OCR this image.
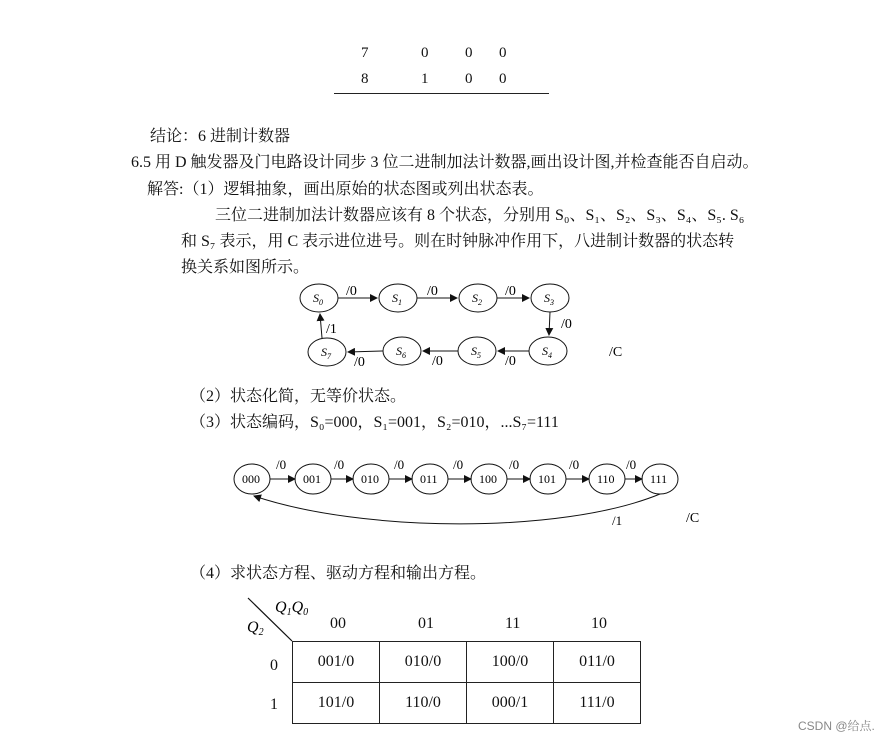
7	0 0 0
8	1 0 0
结论：6 进制计数器
6.5 用 D 触发器及门电路设计同步 3 位二进制加法计数器,画出设计图,并检查能否自启动。
解答:（1）逻辑抽象，画出原始的状态图或列出状态表。
三位二进制加法计数器应该有 8 个状态，分别用 S₀、S₁、S₂、S₃、S₄、S₅. S₆
和 S₇ 表示，用 C 表示进位进号。则在时钟脉冲作用下，八进制计数器的状态转
换关系如图所示。
$S_0$	$S_1$	$S_2$	$S_3$
$S_4$
$S_5$
$S_6$
$S_7$
/0	/0	/0
/0
/0
/0
/0
/1
/C
（2）状态化简，无等价状态。
（3）状态编码，S₀=000，S₁=001，S₂=010，...S₇=111
000	001	010	011	100	101	110	111
/0	/0	/0	/0	/0	/0	/0
/1	/C
（4）求状态方程、驱动方程和输出方程。
Q1Q0
Q2
00	01	11	10
0
1
001/0	010/0	100/0	011/0
101/0	110/0	000/1	111/0
CSDN @给点.
